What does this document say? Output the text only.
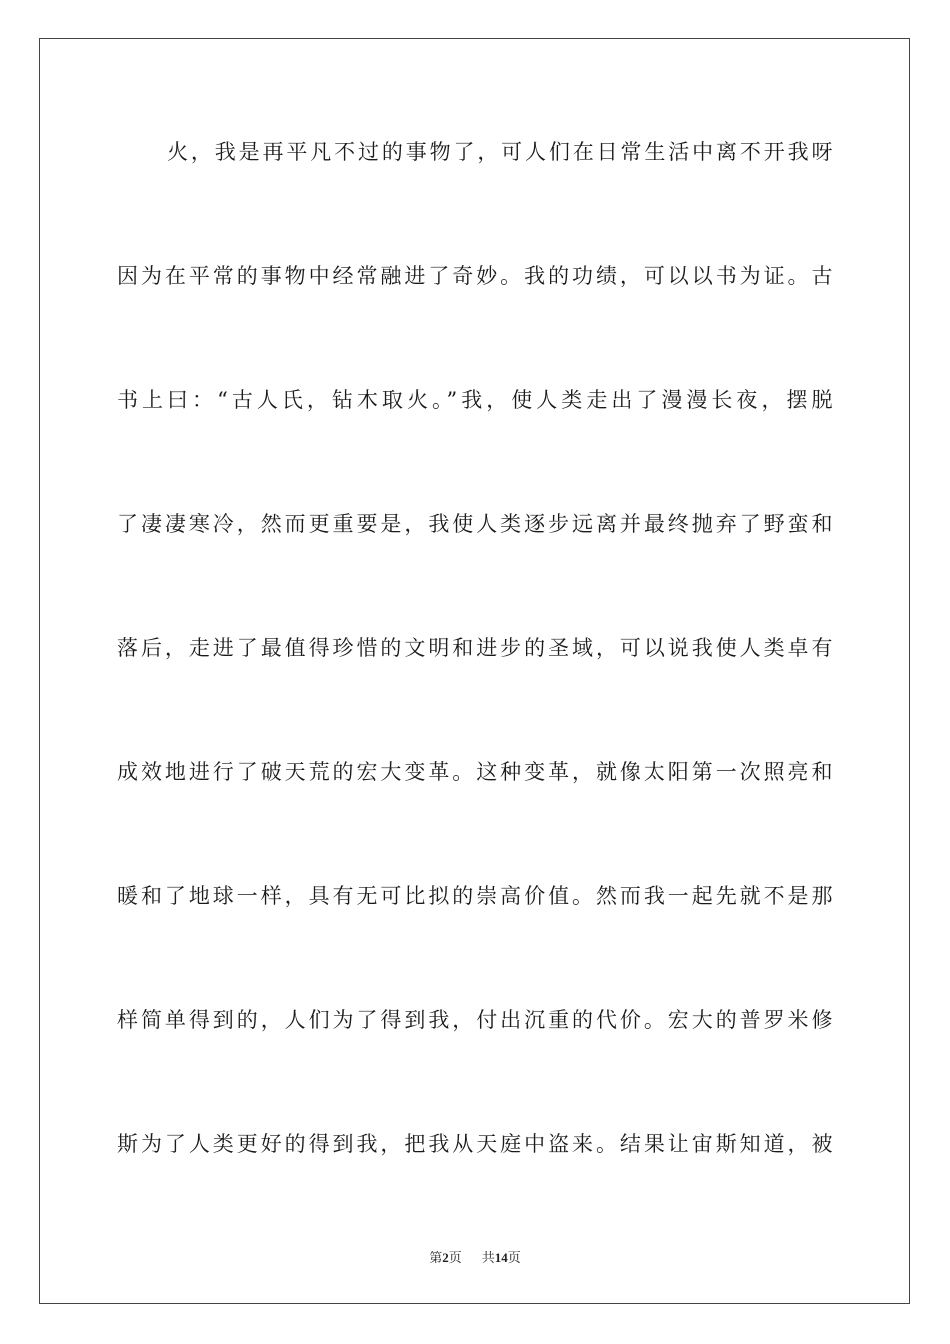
火，我是再平凡不过的事物了，可人们在日常生活中离不开我呀
因为在平常的事物中经常融进了奇妙。我的功绩，可以以书为证。古
书上曰：“古人氏，钻木取火。”我，使人类走出了漫漫长夜，摆脱
了凄凄寒冷，然而更重要是，我使人类逐步远离并最终抛弃了野蛮和
落后，走进了最值得珍惜的文明和进步的圣域，可以说我使人类卓有
成效地进行了破天荒的宏大变革。这种变革，就像太阳第一次照亮和
暖和了地球一样，具有无可比拟的崇高价值。然而我一起先就不是那
样简单得到的，人们为了得到我，付出沉重的代价。宏大的普罗米修
斯为了人类更好的得到我，把我从天庭中盗来。结果让宙斯知道，被
第2页 共14页
